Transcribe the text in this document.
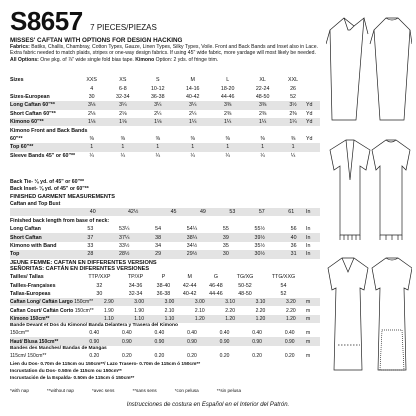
S8657 7 PIECES/PIEZAS
MISSES' CAFTAN WITH OPTIONS FOR DESIGN HACKING

Fabrics: Batiks, Challis, Chambray, Cotton Types, Gauze, Linen Types, Silky Types, Voile. Front and Back Bands and Inset also in Lace. Extra fabric needed to match plaids, stripes or one-way design fabrics. If using 45" wide fabric, more yardage will most likely be needed. All Options: One pkg. of ⅞" wide single fold bias tape. Kimono Option: 2 yds. of fringe trim.

Sizes	XXS	XS	S	M	L	XL	XXL	
	4	6-8	10-12	14-16	18-20	22-24	26	
Sizes-European	30	32-34	36-38	40-42	44-46	48-50	52	
Long Caftan 60"**	3⅛	3¼	3¼	3¼	3⅜	3⅜	3½	Yd
Short Caftan 60"**	2⅛	2⅛	2¼	2¼	2⅜	2⅜	2⅜	Yd
Kimono 60"**	1⅛	1⅛	1⅛	1¼	1¼	1¼	1¼	Yd
Kimono Front and Back Bands								
60"**	⅜	⅜	⅜	⅜	⅜	⅜	⅜	Yd
Top 60"**	1	1	1	1	1	1	1	
Sleeve Bands 45" or 60"**	¼	¼	¼	¼	¼	¼	¼	
Back Tie- ⅛ yd. of 45" or 60"**
Back Inset- ⅛ yd. of 45" or 60"**
FINISHED GARMENT MEASUREMENTS
Caftan and Top Bust
	40	42½	45	49	53	57	61	In
Finished back length from base of neck:
Long Caftan	53	53¼	54	54¼	55	55½	56	In
Short Caftan	37	37¼	38	38¼	39	39½	40	In
Kimono with Band	33	33½	34	34½	35	35½	36	In
Top	28	28½	29	29½	30	30½	31	In
JEUNE FEMME: CAFTAN EN DIFFERENTES VERSIONS
SEÑORITAS: CAFTÁN EN DIFERENTES VERSIONES
Tailles/ Tallas	TTP/XXP	TP/XP	P	M	G	TG/XG	TTG/XXG	
Tailles-Françaises	32	34-36	38-40	42-44	46-48	50-52	54	
Tallas-Europeas	30	32-34	36-38	40-42	44-46	48-50	52	
Caftan Long/ Caftán Largo 150cm**	2.90	3.00	3.00	3.00	3.10	3.10	3.20	m
Caftan Court/ Caftán Corto 150cm**	1.90	1.90	2.10	2.10	2.20	2.20	2.20	m
Kimono 150cm**	1.10	1.10	1.10	1.20	1.20	1.20	1.20	m
Bande Devant et Dos du Kimono/ Banda Delantera y Trasera del Kimono
150cm**	0.40	0.40	0.40	0.40	0.40	0.40	0.40	m
Haut/ Blusa 150cm**	0.90	0.90	0.90	0.90	0.90	0.90	0.90	m
Bandes des Manches/ Bandas de Mangas
115cm/ 150cm**	0.20	0.20	0.20	0.20	0.20	0.20	0.20	m
Lien du Dos- 0.70m de 115cm ou 150cm**/ Lazo Trasero- 0.70m de 115cm ó 150cm**
Incrustation du Dos- 0.50m de 115cm ou 150cm**
Incrustación de la Espalda- 0.50m de 115cm ó 150cm**
*with nap	**without nap	*avec sens	**sans sens	*con pelusa	**sin pelusa
Instrucciones de costura en Español en el Interior del Patrón.
